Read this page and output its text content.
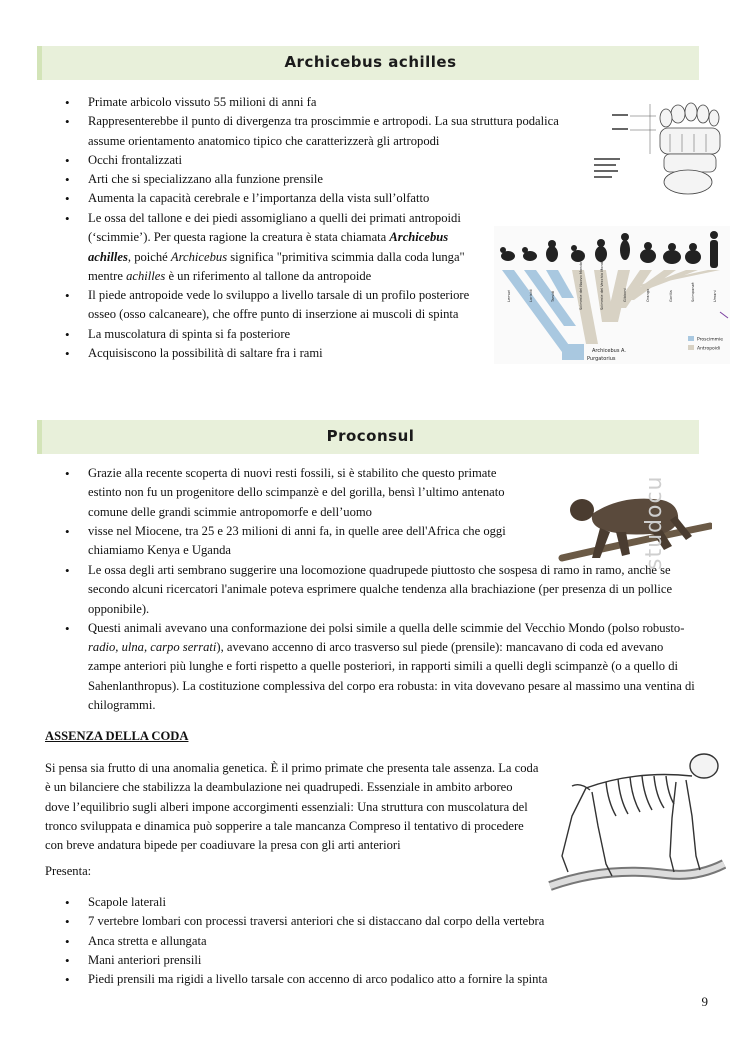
Archicebus achilles
• Primate arbicolo vissuto 55 milioni di anni fa
• Rappresenterebbe il punto di divergenza tra proscimmie e artropodi. La sua struttura podalica assume orientamento anatomico tipico che caratterizzerà gli artropodi
• Occhi frontalizzati
• Arti che si specializzano alla funzione prensile
• Aumenta la capacità cerebrale e l’importanza della vista sull’olfatto
• Le ossa del tallone e dei piedi assomigliano a quelli dei primati antropoidi (‘scimmie’). Per questa ragione la creatura è stata chiamata Archicebus achilles, poiché Archicebus significa "primitiva scimmia dalla coda lunga" mentre achilles è un riferimento al tallone da antropoide
• Il piede antropoide vede lo sviluppo a livello tarsale di un profilo posteriore osseo (osso calcaneare), che offre punto di inserzione ai muscoli di spinta
• La muscolatura di spinta si fa posteriore
• Acquisiscono la possibilità di saltare fra i rami
Lemuri	Lorisidi	Tarsidi	Scimmie del Nuovo Mondo	Scimmie del Vecchio Mondo	Gibboni	Orango	Gorilla	Scimpanzé	Umani
Archicebus A.
Purgatorius
Proscimmie
Antropoidi
Proconsul
• Grazie alla recente scoperta di nuovi resti fossili, si è stabilito che questo primate estinto non fu un progenitore dello scimpanzè e del gorilla, bensì l’ultimo antenato comune delle grandi scimmie antropomorfe e dell’uomo
• visse nel Miocene, tra 25 e 23 milioni di anni fa, in quelle aree dell'Africa che oggi chiamiamo Kenya e Uganda
• Le ossa degli arti sembrano suggerire una locomozione quadrupede piuttosto che sospesa di ramo in ramo, anche se secondo alcuni ricercatori l'animale poteva esprimere qualche tendenza alla brachiazione (per presenza di un pollice opponibile).
• Questi animali avevano una conformazione dei polsi simile a quella delle scimmie del Vecchio Mondo (polso robusto-radio, ulna, carpo serrati), avevano accenno di arco trasverso sul piede (prensile): mancavano di coda ed avevano zampe anteriori più lunghe e forti rispetto a quelle posteriori, in rapporti simili a quelli degli scimpanzè (o a quello di Sahenlanthropus). La costituzione complessiva del corpo era robusta: in vita dovevano pesare al massimo una ventina di chilogrammi.

ASSENZA DELLA CODA

Si pensa sia frutto di una anomalia genetica. È il primo primate che presenta tale assenza. La coda è un bilanciere che stabilizza la deambulazione nei quadrupedi. Essenziale in ambito arboreo dove l’equilibrio sugli alberi impone accorgimenti essenziali: Una struttura con muscolatura del tronco sviluppata e dinamica può sopperire a tale mancanza Compreso il tentativo di procedere con breve andatura bipede per coadiuvare la presa con gli arti anteriori

Presenta:

• Scapole laterali
• 7 vertebre lombari con processi traversi anteriori che si distaccano dal corpo della vertebra
• Anca stretta e allungata
• Mani anteriori prensili
• Piedi prensili ma rigidi a livello tarsale con accenno di arco podalico atto a fornire la spinta
9
studocu
